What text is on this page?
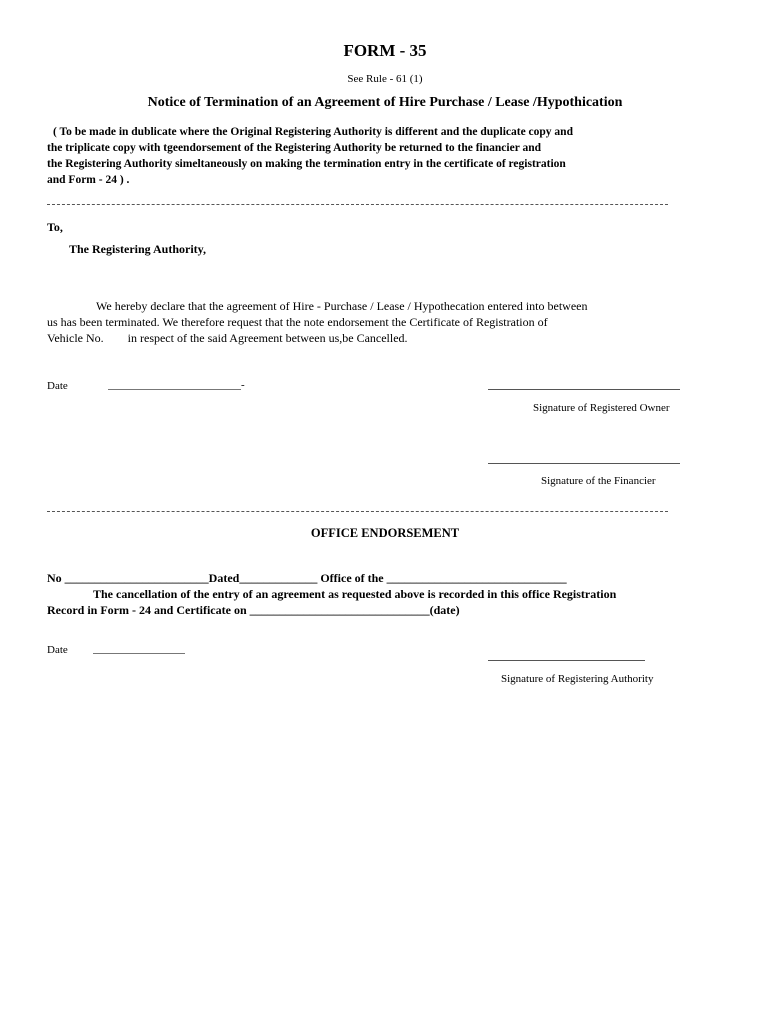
FORM - 35
See Rule - 61 (1)
Notice of Termination of an Agreement of Hire Purchase / Lease /Hypothication
( To be made in dublicate where the Original Registering Authority is different and the duplicate copy and
the triplicate copy with tgeendorsement of the Registering Authority be returned to the financier and
the Registering Authority simeltaneously on making the termination entry in the certificate of registration
and Form - 24 ) .
To,
The Registering Authority,
We hereby declare that the agreement of Hire - Purchase / Lease / Hypothecation entered into between
us has been terminated. We therefore request that the note endorsement the Certificate of Registration of
Vehicle No. in respect of the said Agreement between us,be Cancelled.
Date	-
Signature of Registered Owner
Signature of the Financier
OFFICE ENDORSEMENT
No ________________________Dated_____________ Office of the ______________________________
The cancellation of the entry of an agreement as requested above is recorded in this office Registration
Record in Form - 24 and Certificate on ______________________________(date)
Date
Signature of Registering Authority
